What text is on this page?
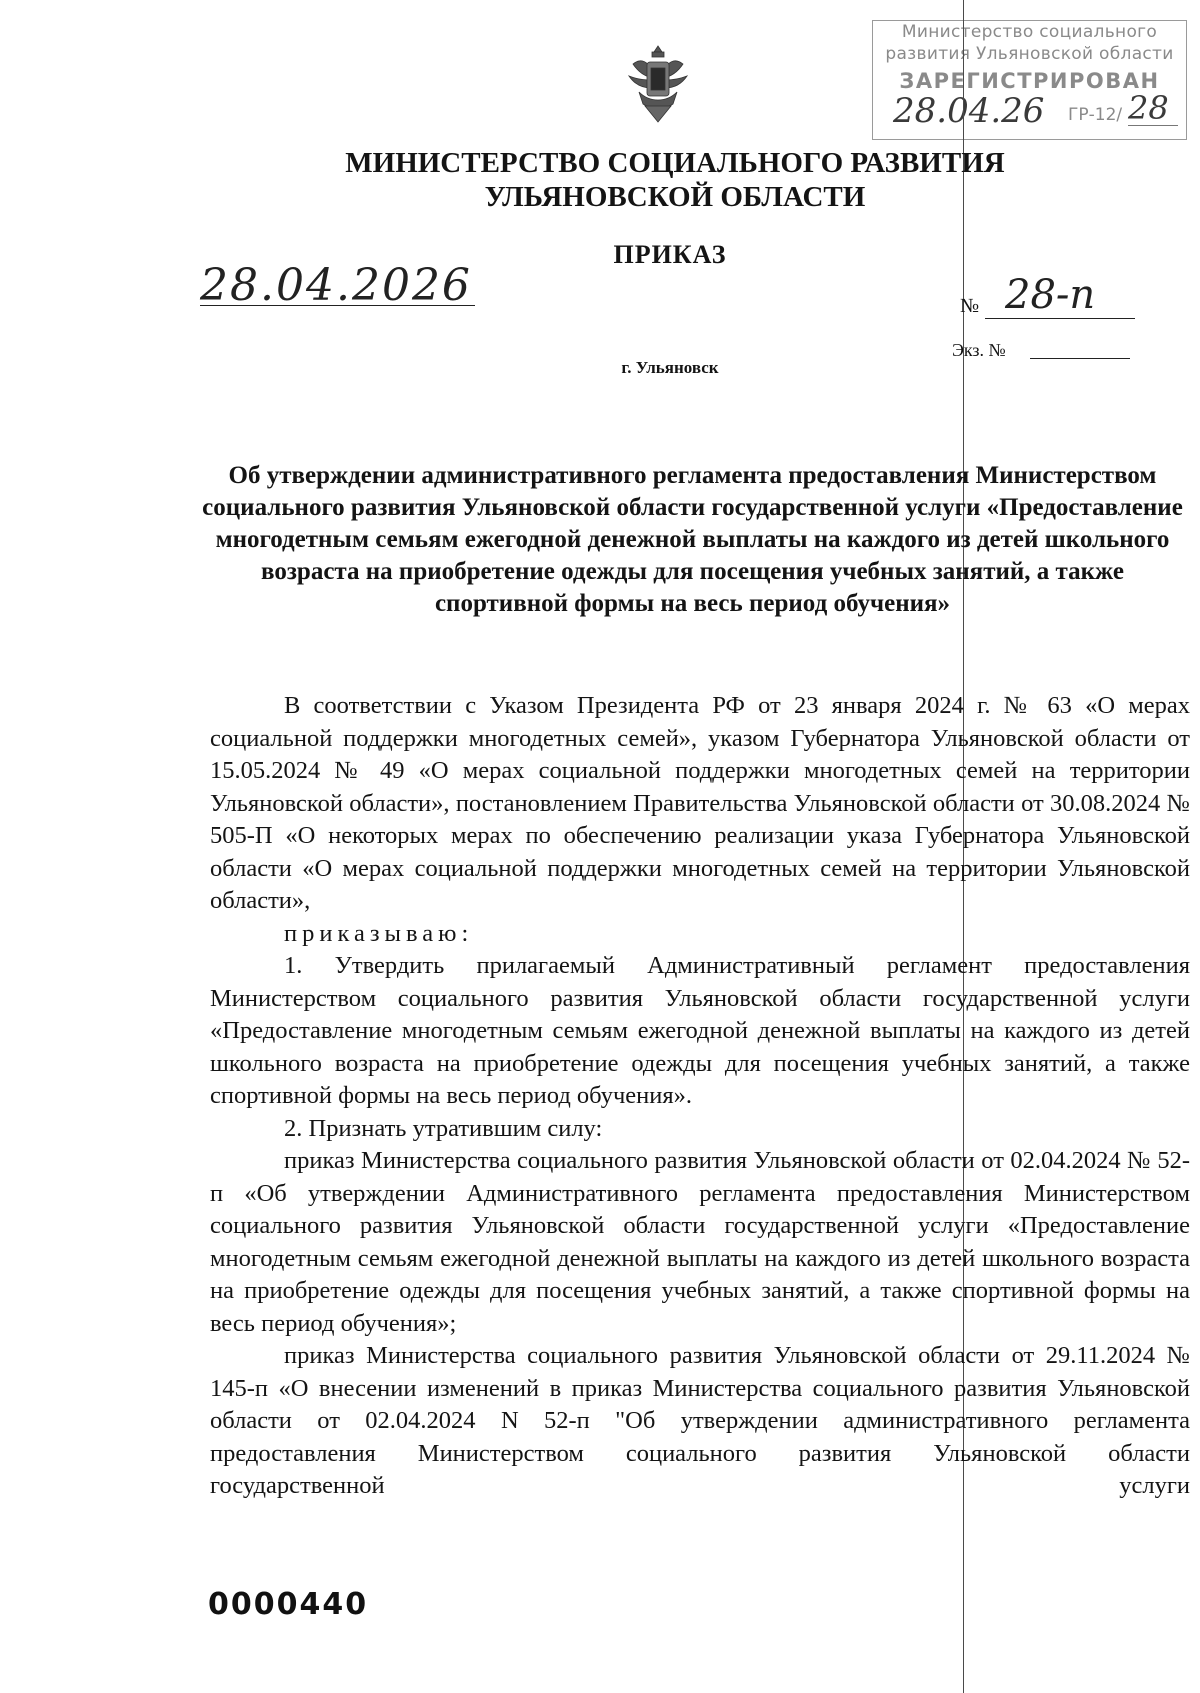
Министерство социального
развития Ульяновской области
ЗАРЕГИСТРИРОВАН
28.04.26 ГР-12/ 28
МИНИСТЕРСТВО СОЦИАЛЬНОГО РАЗВИТИЯ
УЛЬЯНОВСКОЙ ОБЛАСТИ
ПРИКАЗ
28.04.2026	№ 28-п
Экз. №
г. Ульяновск
Об утверждении административного регламента предоставления Министерством социального развития Ульяновской области государственной услуги «Предоставление многодетным семьям ежегодной денежной выплаты на каждого из детей школьного возраста на приобретение одежды для посещения учебных занятий, а также спортивной формы на весь период обучения»

В соответствии с Указом Президента РФ от 23 января 2024 г. № 63 «О мерах социальной поддержки многодетных семей», указом Губернатора Ульяновской области от 15.05.2024 № 49 «О мерах социальной поддержки многодетных семей на территории Ульяновской области», постановлением Правительства Ульяновской области от 30.08.2024 № 505-П «О некоторых мерах по обеспечению реализации указа Губернатора Ульяновской области «О мерах социальной поддержки многодетных семей на территории Ульяновской области»,

приказываю:

1. Утвердить прилагаемый Административный регламент предоставления Министерством социального развития Ульяновской области государственной услуги «Предоставление многодетным семьям ежегодной денежной выплаты на каждого из детей школьного возраста на приобретение одежды для посещения учебных занятий, а также спортивной формы на весь период обучения».

2. Признать утратившим силу:

приказ Министерства социального развития Ульяновской области от 02.04.2024 № 52-п «Об утверждении Административного регламента предоставления Министерством социального развития Ульяновской области государственной услуги «Предоставление многодетным семьям ежегодной денежной выплаты на каждого из детей школьного возраста на приобретение одежды для посещения учебных занятий, а также спортивной формы на весь период обучения»;

приказ Министерства социального развития Ульяновской области от 29.11.2024 № 145-п «О внесении изменений в приказ Министерства социального развития Ульяновской области от 02.04.2024 N 52-п "Об утверждении административного регламента предоставления Министерством социального развития Ульяновской области государственной услуги

0000440
